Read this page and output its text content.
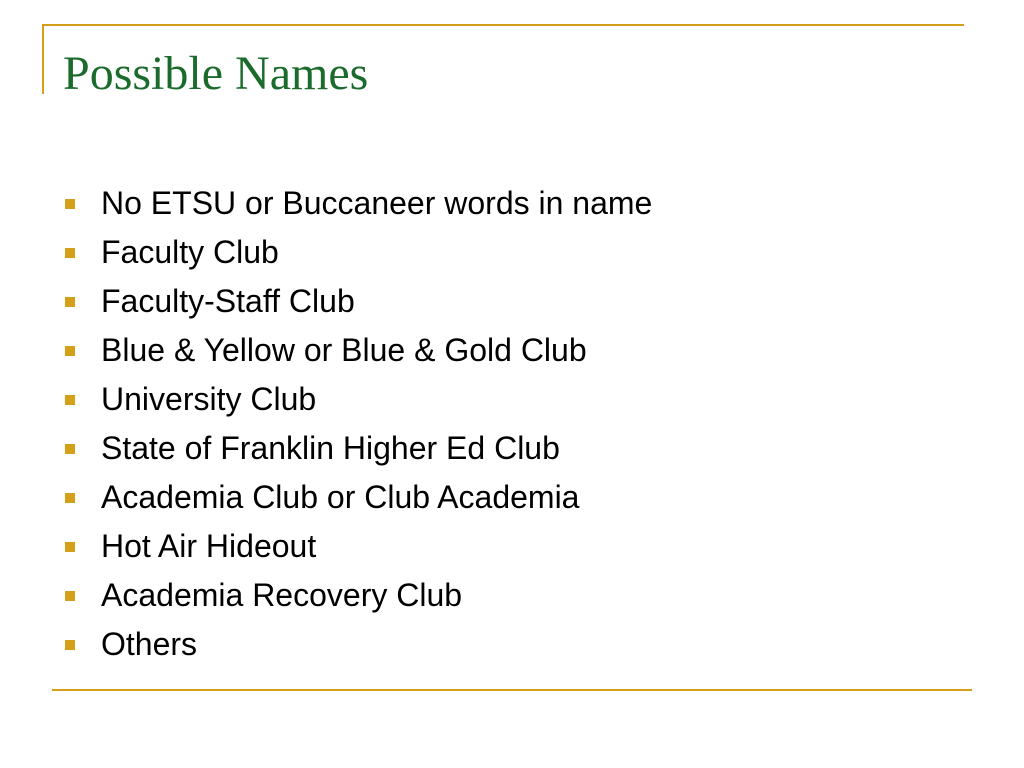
Possible Names
No ETSU or Buccaneer words in name
Faculty Club
Faculty-Staff Club
Blue & Yellow or Blue & Gold Club
University Club
State of Franklin Higher Ed Club
Academia Club or Club Academia
Hot Air Hideout
Academia Recovery Club
Others
